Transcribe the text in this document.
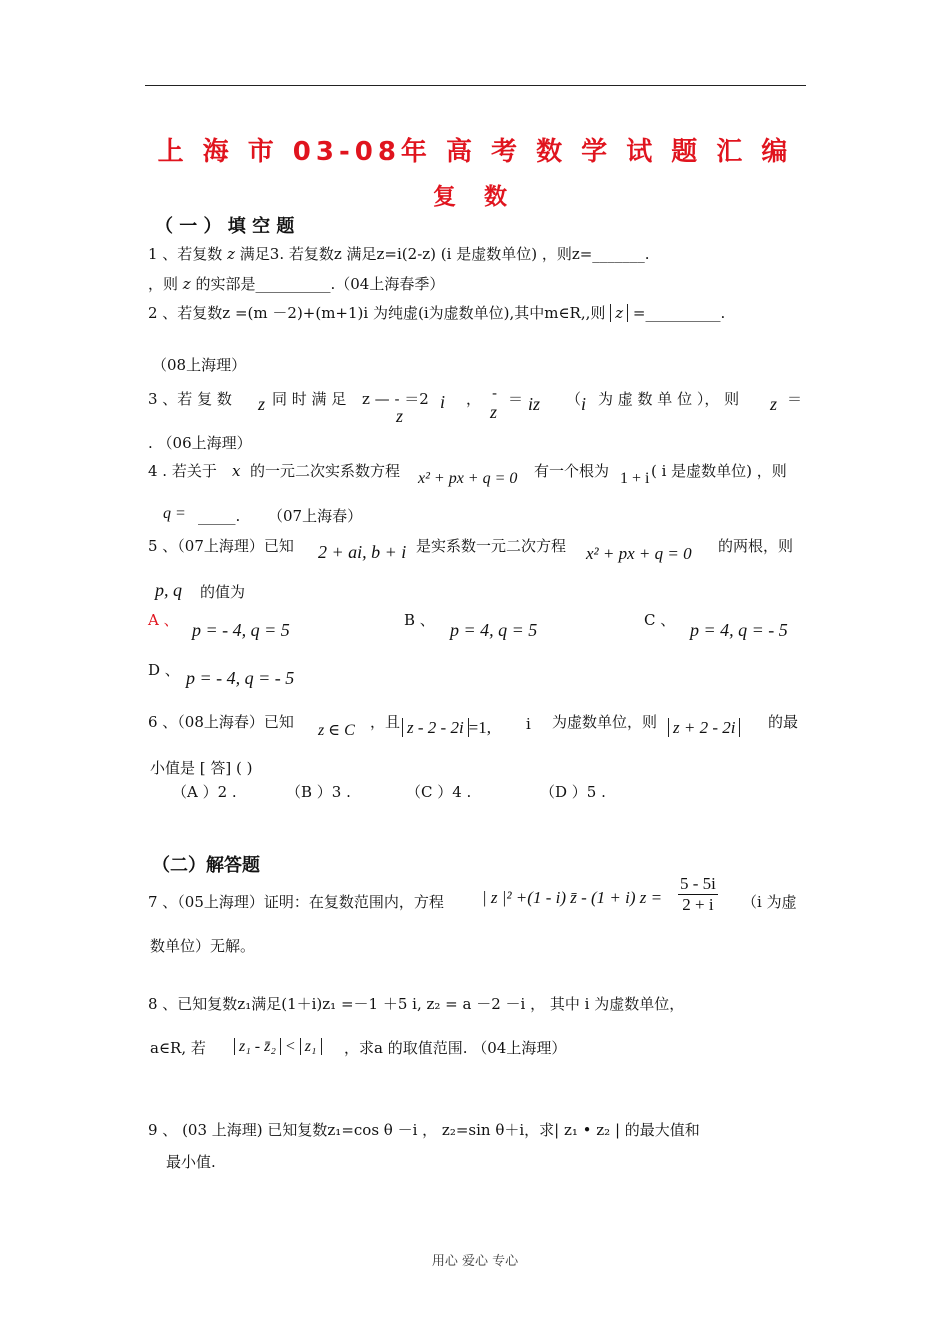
上 海 市 03-08年 高 考 数 学 试 题 汇 编
复 数
（ 一 ） 填 空 题
1 、若复数 z 满足3. 若复数z 满足z=i(2-z) (i 是虚数单位) ，则z=_______.
，则 z 的实部是__________.（04上海春季）
2 、若复数z =(m －2)+(m+1)i 为纯虚(i为虚数单位),其中m∈R,,则 z =__________.
（08上海理）
3 、若 复 数 z 同 时 满 足 z — ‐ ＝2 i
z
， ‐
z
＝ iz （ i 为 虚 数 单 位 ）， 则 z ＝
. （06上海理）
4 . 若关于 x 的一元二次实系数方程 x² + px + q = 0 有一个根为 1 + i ( i 是虚数单位) ，则
q = _____. （07上海春）
5 、（07上海理）已知 2 + ai, b + i 是实系数一元二次方程 x² + px + q = 0 的两根，则
p, q 的值为
A 、 p = - 4, q = 5	B 、 p = 4, q = 5	C 、 p = 4, q = - 5
D 、 p = - 4, q = - 5
6 、（08上海春）已知 z ∈ C ，且 z - 2 - 2i =1, i 为虚数单位，则 z + 2 - 2i	的最
小值是 [ 答] ( )
（A ）2 .	（B ）3 .	（C ）4 .	（D ）5 .
（二）解答题
7 、（05上海理）证明：在复数范围内，方程 | z |² +(1 - i) z̄ - (1 + i) $z = \frac{5 - 5i}{2 + i} (i$ 为虚
数单位）无解。
8 、已知复数z₁满足(1＋i)z₁ =－1 ＋5 i, z₂ = a －2 －i ， 其中 i 为虚数单位，
a∈R, 若	z₁ - z̄₂ < z₁	，求a 的取值范围. （04上海理）
9 、 (03 上海理) 已知复数z₁=cos θ －i ， z₂=sin θ＋i，求| z₁ • z₂ | 的最大值和
最小值.
用心 爱心 专心
